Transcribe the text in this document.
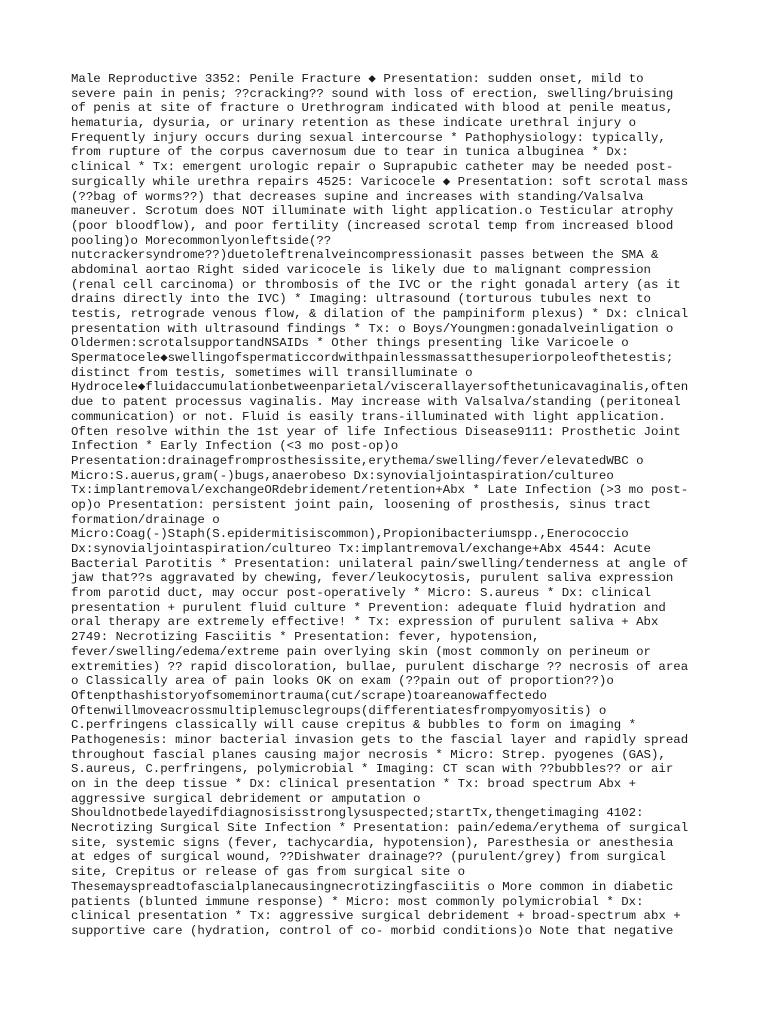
Male Reproductive 3352: Penile Fracture ◆ Presentation: sudden onset, mild to
severe pain in penis; ??cracking?? sound with loss of erection, swelling/bruising
of penis at site of fracture o Urethrogram indicated with blood at penile meatus,
hematuria, dysuria, or urinary retention as these indicate urethral injury o
Frequently injury occurs during sexual intercourse * Pathophysiology: typically,
from rupture of the corpus cavernosum due to tear in tunica albuginea * Dx:
clinical * Tx: emergent urologic repair o Suprapubic catheter may be needed post-
surgically while urethra repairs 4525: Varicocele ◆ Presentation: soft scrotal mass
(??bag of worms??) that decreases supine and increases with standing/Valsalva
maneuver. Scrotum does NOT illuminate with light application.o Testicular atrophy
(poor bloodflow), and poor fertility (increased scrotal temp from increased blood
pooling)o Morecommonlyonleftside(??
nutcrackersyndrome??)duetoleftrenalveincompressionasit passes between the SMA &
abdominal aortao Right sided varicocele is likely due to malignant compression
(renal cell carcinoma) or thrombosis of the IVC or the right gonadal artery (as it
drains directly into the IVC) * Imaging: ultrasound (torturous tubules next to
testis, retrograde venous flow, & dilation of the pampiniform plexus) * Dx: clnical
presentation with ultrasound findings * Tx: o Boys/Youngmen:gonadalveinligation o
Oldermen:scrotalsupportandNSAIDs * Other things presenting like Varicoele o
Spermatocele◆swellingofspermaticcordwithpainlessmassatthesuperiorpoleofthetestis;
distinct from testis, sometimes will transilluminate o
Hydrocele◆fluidaccumulationbetweenparietal/viscerallayersofthetunicavaginalis,often
due to patent processus vaginalis. May increase with Valsalva/standing (peritoneal
communication) or not. Fluid is easily trans-illuminated with light application.
Often resolve within the 1st year of life Infectious Disease9111: Prosthetic Joint
Infection * Early Infection (<3 mo post-op)o
Presentation:drainagefromprosthesissite,erythema/swelling/fever/elevatedWBC o
Micro:S.auerus,gram(-)bugs,anaerobeso Dx:synovialjointaspiration/cultureo
Tx:implantremoval/exchangeORdebridement/retention+Abx * Late Infection (>3 mo post-
op)o Presentation: persistent joint pain, loosening of prosthesis, sinus tract
formation/drainage o
Micro:Coag(-)Staph(S.epidermitisiscommon),Propionibacteriumspp.,Enerococcio
Dx:synovialjointaspiration/cultureo Tx:implantremoval/exchange+Abx 4544: Acute
Bacterial Parotitis * Presentation: unilateral pain/swelling/tenderness at angle of
jaw that??s aggravated by chewing, fever/leukocytosis, purulent saliva expression
from parotid duct, may occur post-operatively * Micro: S.aureus * Dx: clinical
presentation + purulent fluid culture * Prevention: adequate fluid hydration and
oral therapy are extremely effective! * Tx: expression of purulent saliva + Abx
2749: Necrotizing Fasciitis * Presentation: fever, hypotension,
fever/swelling/edema/extreme pain overlying skin (most commonly on perineum or
extremities) ?? rapid discoloration, bullae, purulent discharge ?? necrosis of area
o Classically area of pain looks OK on exam (??pain out of proportion??)o
Oftenpthashistoryofsomeminortrauma(cut/scrape)toareanowaffectedo
Oftenwillmoveacrossmultiplemusclegroups(differentiatesfrompyomyositis) o
C.perfringens classically will cause crepitus & bubbles to form on imaging *
Pathogenesis: minor bacterial invasion gets to the fascial layer and rapidly spread
throughout fascial planes causing major necrosis * Micro: Strep. pyogenes (GAS),
S.aureus, C.perfringens, polymicrobial * Imaging: CT scan with ??bubbles?? or air
on in the deep tissue * Dx: clinical presentation * Tx: broad spectrum Abx +
aggressive surgical debridement or amputation o
Shouldnotbedelayedifdiagnosisisstronglysuspected;startTx,thengetimaging 4102:
Necrotizing Surgical Site Infection * Presentation: pain/edema/erythema of surgical
site, systemic signs (fever, tachycardia, hypotension), Paresthesia or anesthesia
at edges of surgical wound, ??Dishwater drainage?? (purulent/grey) from surgical
site, Crepitus or release of gas from surgical site o
Thesemayspreadtofascialplanecausingnecrotizingfasciitis o More common in diabetic
patients (blunted immune response) * Micro: most commonly polymicrobial * Dx:
clinical presentation * Tx: aggressive surgical debridement + broad-spectrum abx +
supportive care (hydration, control of co- morbid conditions)o Note that negative
